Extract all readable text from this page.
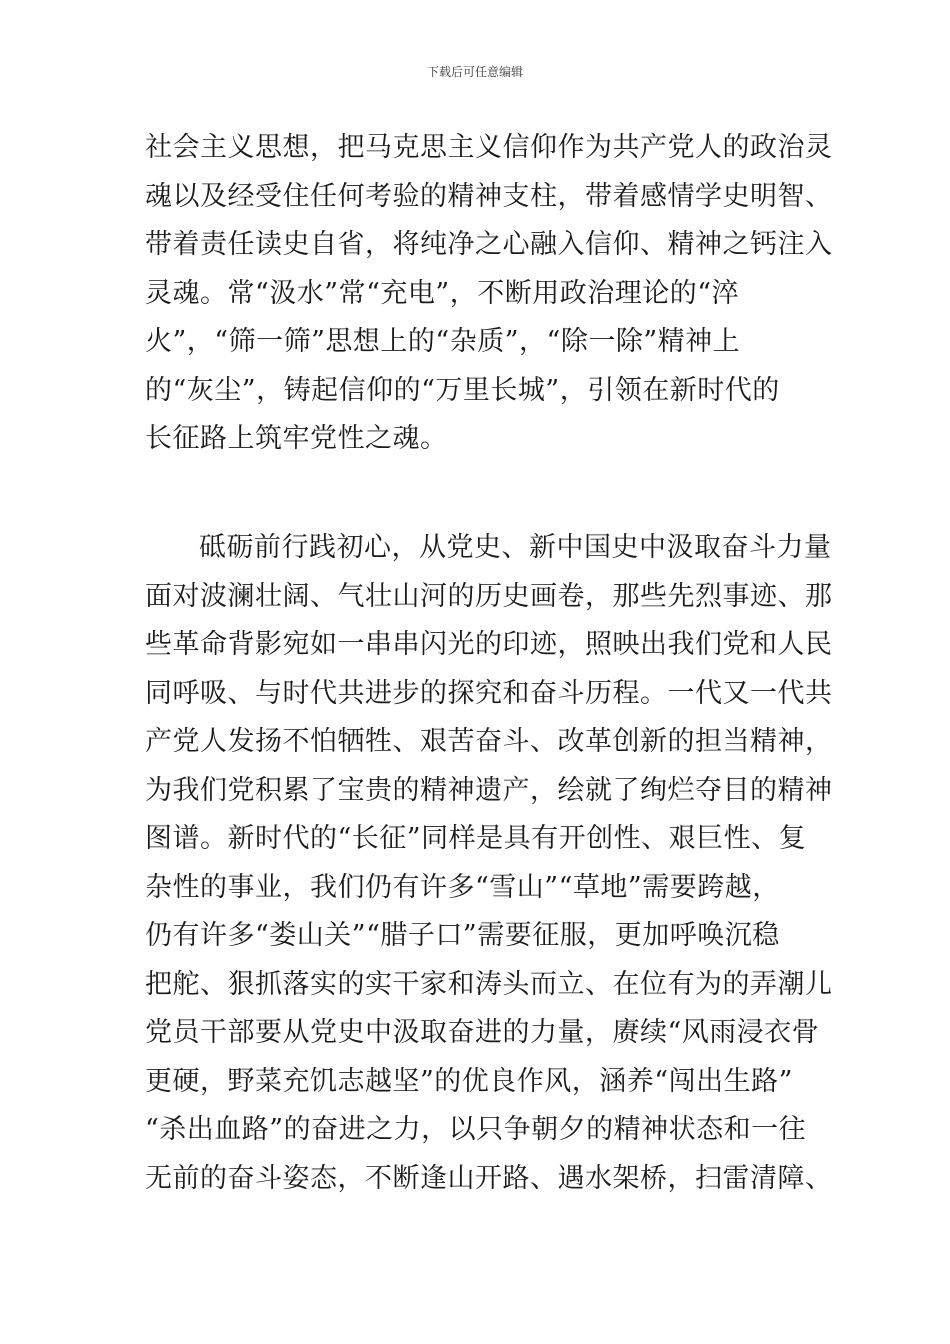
下载后可任意编辑

社会主义思想，把马克思主义信仰作为共产党人的政治灵
魂以及经受住任何考验的精神支柱，带着感情学史明智、
带着责任读史自省，将纯净之心融入信仰、精神之钙注入
灵魂。常“汲水”常“充电”，不断用政治理论的“淬
火”，“筛一筛”思想上的“杂质”，“除一除”精神上
的“灰尘”，铸起信仰的“万里长城”，引领在新时代的
长征路上筑牢党性之魂。

砥砺前行践初心，从党史、新中国史中汲取奋斗力量
面对波澜壮阔、气壮山河的历史画卷，那些先烈事迹、那
些革命背影宛如一串串闪光的印迹，照映出我们党和人民
同呼吸、与时代共进步的探究和奋斗历程。一代又一代共
产党人发扬不怕牺牲、艰苦奋斗、改革创新的担当精神，
为我们党积累了宝贵的精神遗产，绘就了绚烂夺目的精神
图谱。新时代的“长征”同样是具有开创性、艰巨性、复
杂性的事业，我们仍有许多“雪山”“草地”需要跨越，
仍有许多“娄山关”“腊子口”需要征服，更加呼唤沉稳
把舵、狠抓落实的实干家和涛头而立、在位有为的弄潮儿
党员干部要从党史中汲取奋进的力量，赓续“风雨浸衣骨
更硬，野菜充饥志越坚”的优良作风，涵养“闯出生路”
“杀出血路”的奋进之力，以只争朝夕的精神状态和一往
无前的奋斗姿态，不断逢山开路、遇水架桥，扫雷清障、
